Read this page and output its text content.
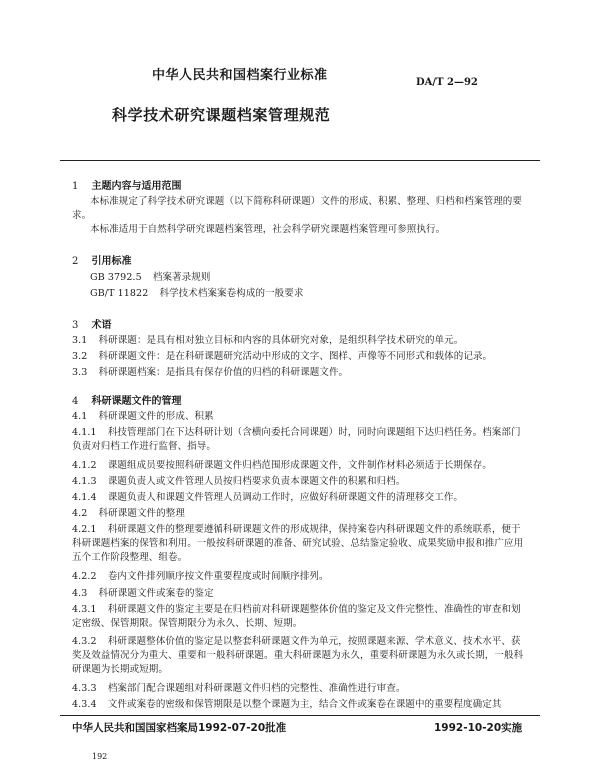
中华人民共和国档案行业标准	DA/T 2—92
科学技术研究课题档案管理规范
1 主题内容与适用范围
本标准规定了科学技术研究课题（以下简称科研课题）文件的形成、积累、整理、归档和档案管理的要求。
本标准适用于自然科学研究课题档案管理，社会科学研究课题档案管理可参照执行。
2 引用标准
GB 3792.5 档案著录规则
GB/T 11822 科学技术档案案卷构成的一般要求
3 术语
3.1 科研课题：是具有相对独立目标和内容的具体研究对象，是组织科学技术研究的单元。
3.2 科研课题文件：是在科研课题研究活动中形成的文字、图样、声像等不同形式和载体的记录。
3.3 科研课题档案：是指具有保存价值的归档的科研课题文件。
4 科研课题文件的管理
4.1 科研课题文件的形成、积累
4.1.1 科技管理部门在下达科研计划（含横向委托合同课题）时，同时向课题组下达归档任务。档案部门负责对归档工作进行监督、指导。
4.1.2 课题组成员要按照科研课题文件归档范围形成课题文件，文件制作材料必须适于长期保存。
4.1.3 课题负责人或文件管理人员按归档要求负责本课题文件的积累和归档。
4.1.4 课题负责人和课题文件管理人员调动工作时，应做好科研课题文件的清理移交工作。
4.2 科研课题文件的整理
4.2.1 科研课题文件的整理要遵循科研课题文件的形成规律，保持案卷内科研课题文件的系统联系，便于科研课题档案的保管和利用。一般按科研课题的准备、研究试验、总结鉴定验收、成果奖励申报和推广应用五个工作阶段整理、组卷。
4.2.2 卷内文件排列顺序按文件重要程度或时间顺序排列。
4.3 科研课题文件或案卷的鉴定
4.3.1 科研课题文件的鉴定主要是在归档前对科研课题整体价值的鉴定及文件完整性、准确性的审查和划定密级、保管期限。保管期限分为永久、长期、短期。
4.3.2 科研课题整体价值的鉴定是以整套科研课题文件为单元，按照课题来源、学术意义、技术水平、获奖及效益情况分为重大、重要和一般科研课题。重大科研课题为永久，重要科研课题为永久或长期，一般科研课题为长期或短期。
4.3.3 档案部门配合课题组对科研课题文件归档的完整性、准确性进行审查。
4.3.4 文件或案卷的密级和保管期限是以整个课题为主，结合文件或案卷在课题中的重要程度确定其
中华人民共和国国家档案局1992-07-20批准	1992-10-20实施
192
